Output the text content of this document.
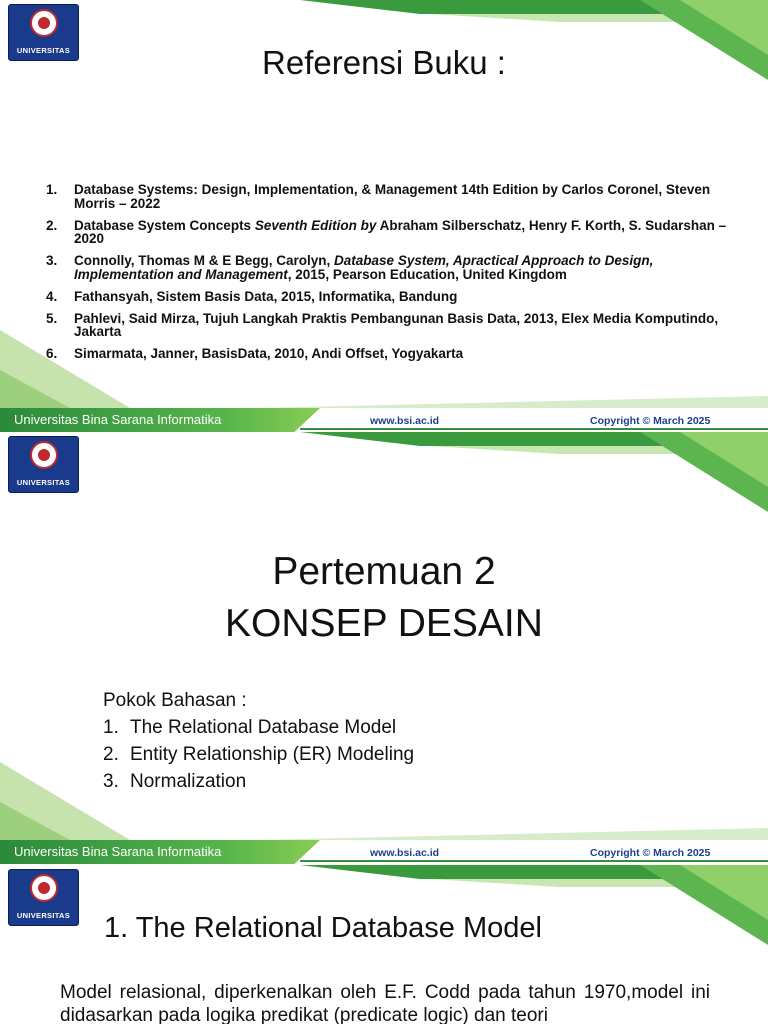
UNIVERSITAS	Referensi Buku :
1. Database Systems: Design, Implementation, & Management 14th Edition by Carlos Coronel, Steven Morris – 2022
2. Database System Concepts Seventh Edition by Abraham Silberschatz, Henry F. Korth, S. Sudarshan – 2020
3. Connolly, Thomas M & E Begg, Carolyn, Database System, Apractical Approach to Design, Implementation and Management, 2015, Pearson Education, United Kingdom
4. Fathansyah, Sistem Basis Data, 2015, Informatika, Bandung
5. Pahlevi, Said Mirza, Tujuh Langkah Praktis Pembangunan Basis Data, 2013, Elex Media Komputindo, Jakarta
6. Simarmata, Janner, BasisData, 2010, Andi Offset, Yogyakarta
Universitas Bina Sarana Informatika	www.bsi.ac.id	Copyright © March 2025
UNIVERSITAS
Pertemuan 2
KONSEP DESAIN
Pokok Bahasan :
1. The Relational Database Model
2. Entity Relationship (ER) Modeling
3. Normalization
Universitas Bina Sarana Informatika	www.bsi.ac.id	Copyright © March 2025
UNIVERSITAS 1. The Relational Database Model
Model relasional, diperkenalkan oleh E.F. Codd pada tahun 1970,model ini didasarkan pada logika predikat (predicate logic) dan teori
